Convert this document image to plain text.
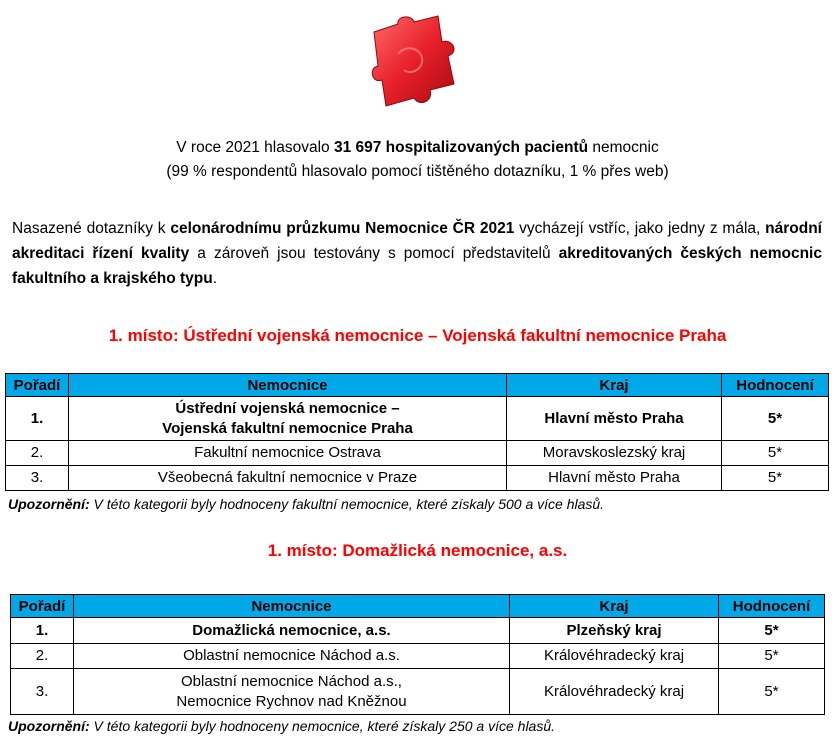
V roce 2021 hlasovalo 31 697 hospitalizovaných pacientů nemocnic
(99 % respondentů hlasovalo pomocí tištěného dotazníku, 1 % přes web)
Nasazené dotazníky k celonárodnímu průzkumu Nemocnice ČR 2021 vycházejí vstříc, jako jedny z mála, národní akreditaci řízení kvality a zároveň jsou testovány s pomocí představitelů akreditovaných českých nemocnic fakultního a krajského typu.
1. místo: Ústřední vojenská nemocnice – Vojenská fakultní nemocnice Praha
Pořadí	Nemocnice	Kraj	Hodnocení
1.	Ústřední vojenská nemocnice –
Vojenská fakultní nemocnice Praha	Hlavní město Praha	5*
2.	Fakultní nemocnice Ostrava	Moravskoslezský kraj	5*
3.	Všeobecná fakultní nemocnice v Praze	Hlavní město Praha	5*
Upozornění: V této kategorii byly hodnoceny fakultní nemocnice, které získaly 500 a více hlasů.
1. místo: Domažlická nemocnice, a.s.
Pořadí	Nemocnice	Kraj	Hodnocení
1.	Domažlická nemocnice, a.s.	Plzeňský kraj	5*
2.	Oblastní nemocnice Náchod a.s.	Královéhradecký kraj	5*
3.	Oblastní nemocnice Náchod a.s.,
Nemocnice Rychnov nad Kněžnou	Královéhradecký kraj	5*
Upozornění: V této kategorii byly hodnoceny nemocnice, které získaly 250 a více hlasů.
